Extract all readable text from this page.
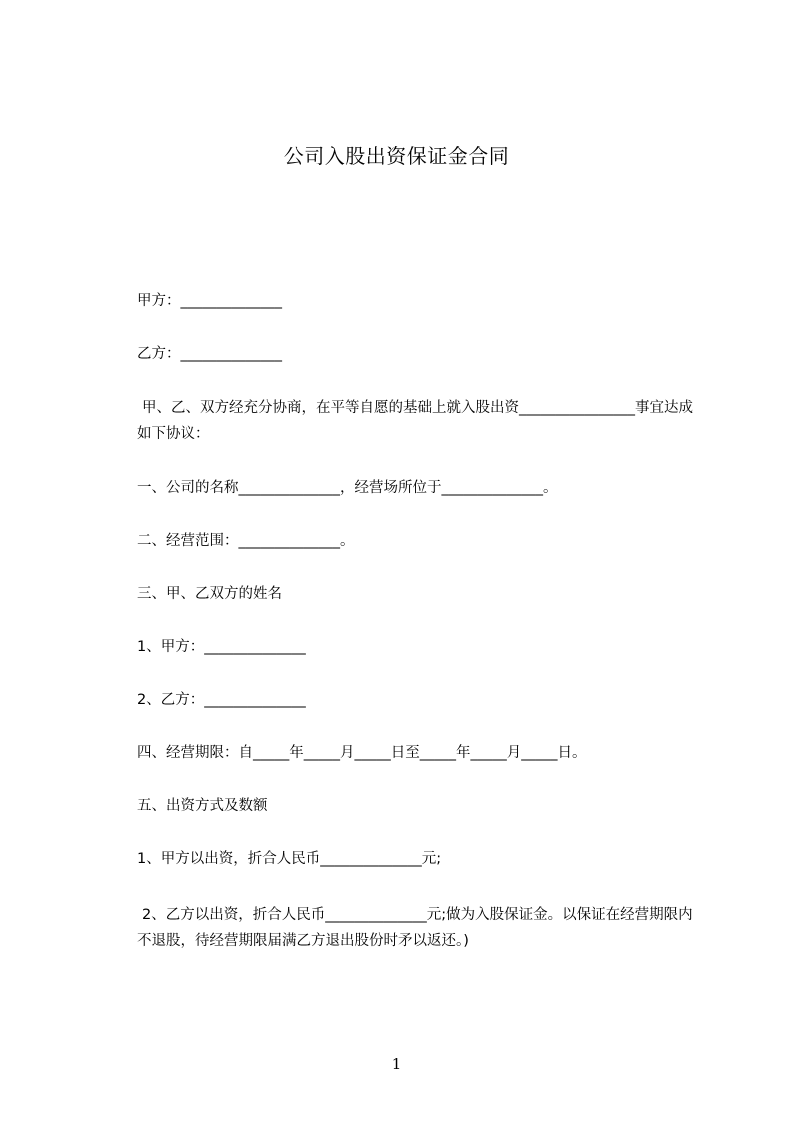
公司入股出资保证金合同
甲方：______________
乙方：______________
甲、乙、双方经充分协商，在平等自愿的基础上就入股出资________________事宜达成如下协议：
一、公司的名称______________，经营场所位于______________。
二、经营范围：______________。
三、甲、乙双方的姓名
1、甲方：______________
2、乙方：______________
四、经营期限：自_____年_____月_____日至_____年_____月_____日。
五、出资方式及数额
1、甲方以出资，折合人民币______________元;
2、乙方以出资，折合人民币______________元;做为入股保证金。以保证在经营期限内不退股，待经营期限届满乙方退出股份时矛以返还。)
1
